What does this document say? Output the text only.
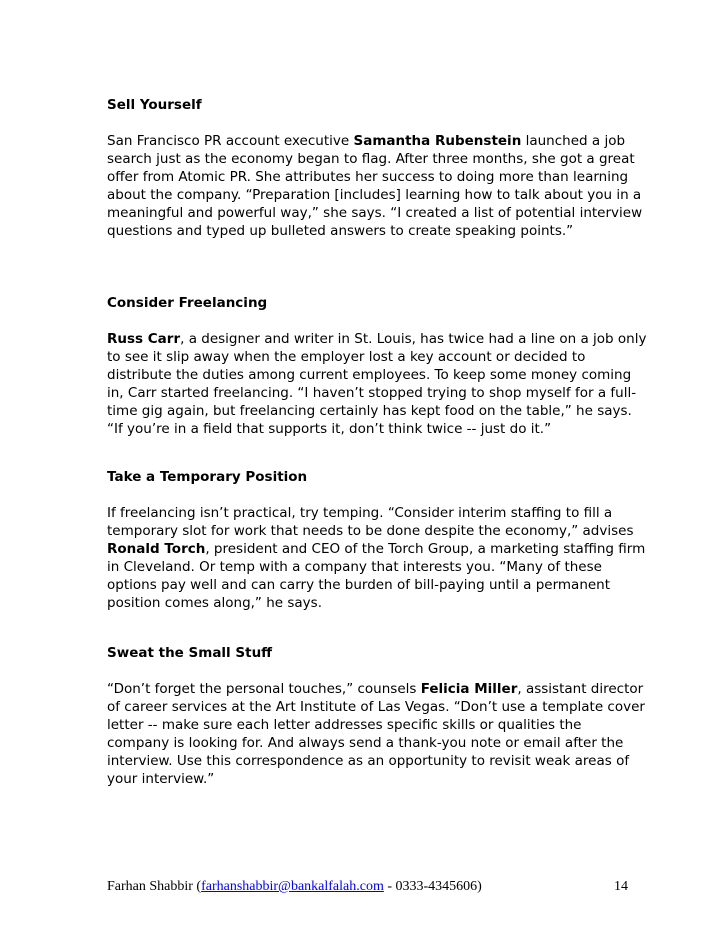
Sell Yourself

San Francisco PR account executive Samantha Rubenstein launched a job search just as the economy began to flag. After three months, she got a great offer from Atomic PR. She attributes her success to doing more than learning about the company. “Preparation [includes] learning how to talk about you in a meaningful and powerful way,” she says. “I created a list of potential interview questions and typed up bulleted answers to create speaking points.”

Consider Freelancing

Russ Carr, a designer and writer in St. Louis, has twice had a line on a job only to see it slip away when the employer lost a key account or decided to distribute the duties among current employees. To keep some money coming in, Carr started freelancing. “I haven’t stopped trying to shop myself for a full-time gig again, but freelancing certainly has kept food on the table,” he says. “If you’re in a field that supports it, don’t think twice -- just do it.”

Take a Temporary Position

If freelancing isn’t practical, try temping. “Consider interim staffing to fill a temporary slot for work that needs to be done despite the economy,” advises Ronald Torch, president and CEO of the Torch Group, a marketing staffing firm in Cleveland. Or temp with a company that interests you. “Many of these options pay well and can carry the burden of bill-paying until a permanent position comes along,” he says.

Sweat the Small Stuff

“Don’t forget the personal touches,” counsels Felicia Miller, assistant director of career services at the Art Institute of Las Vegas. “Don’t use a template cover letter -- make sure each letter addresses specific skills or qualities the company is looking for. And always send a thank-you note or email after the interview. Use this correspondence as an opportunity to revisit weak areas of your interview.”

Farhan Shabbir (farhanshabbir@bankalfalah.com - 0333-4345606)	14
